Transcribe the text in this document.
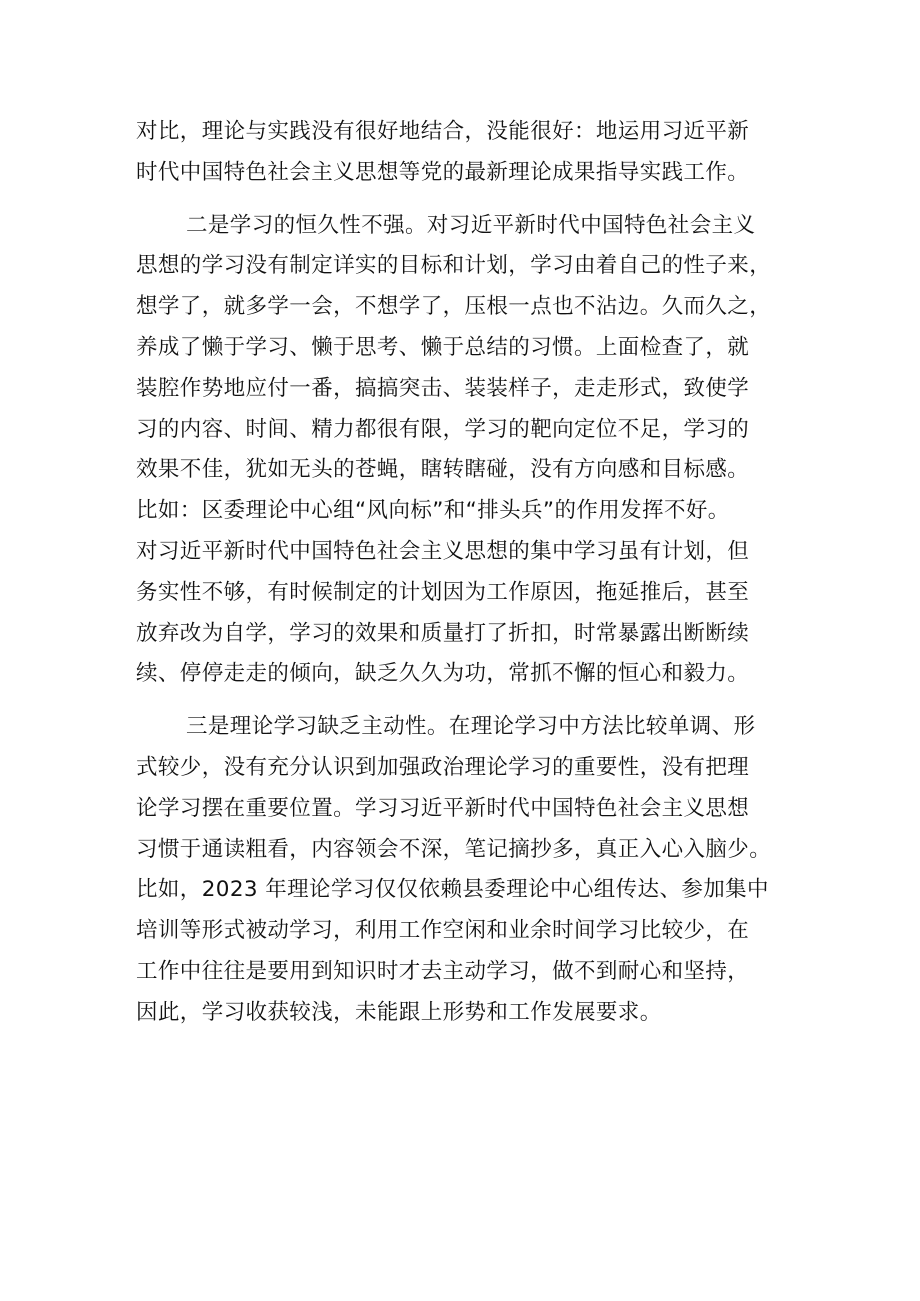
对比，理论与实践没有很好地结合，没能很好：地运用习近平新
时代中国特色社会主义思想等党的最新理论成果指导实践工作。
二是学习的恒久性不强。对习近平新时代中国特色社会主义
思想的学习没有制定详实的目标和计划，学习由着自己的性子来，
想学了，就多学一会，不想学了，压根一点也不沾边。久而久之，
养成了懒于学习、懒于思考、懒于总结的习惯。上面检查了，就
装腔作势地应付一番，搞搞突击、装装样子，走走形式，致使学
习的内容、时间、精力都很有限，学习的靶向定位不足，学习的
效果不佳，犹如无头的苍蝇，瞎转瞎碰，没有方向感和目标感。
比如：区委理论中心组“风向标”和“排头兵”的作用发挥不好。
对习近平新时代中国特色社会主义思想的集中学习虽有计划，但
务实性不够，有时候制定的计划因为工作原因，拖延推后，甚至
放弃改为自学，学习的效果和质量打了折扣，时常暴露出断断续
续、停停走走的倾向，缺乏久久为功，常抓不懈的恒心和毅力。
三是理论学习缺乏主动性。在理论学习中方法比较单调、形
式较少，没有充分认识到加强政治理论学习的重要性，没有把理
论学习摆在重要位置。学习习近平新时代中国特色社会主义思想
习惯于通读粗看，内容领会不深，笔记摘抄多，真正入心入脑少。
比如，2023 年理论学习仅仅依赖县委理论中心组传达、参加集中
培训等形式被动学习，利用工作空闲和业余时间学习比较少，在
工作中往往是要用到知识时才去主动学习，做不到耐心和坚持，
因此，学习收获较浅，未能跟上形势和工作发展要求。
